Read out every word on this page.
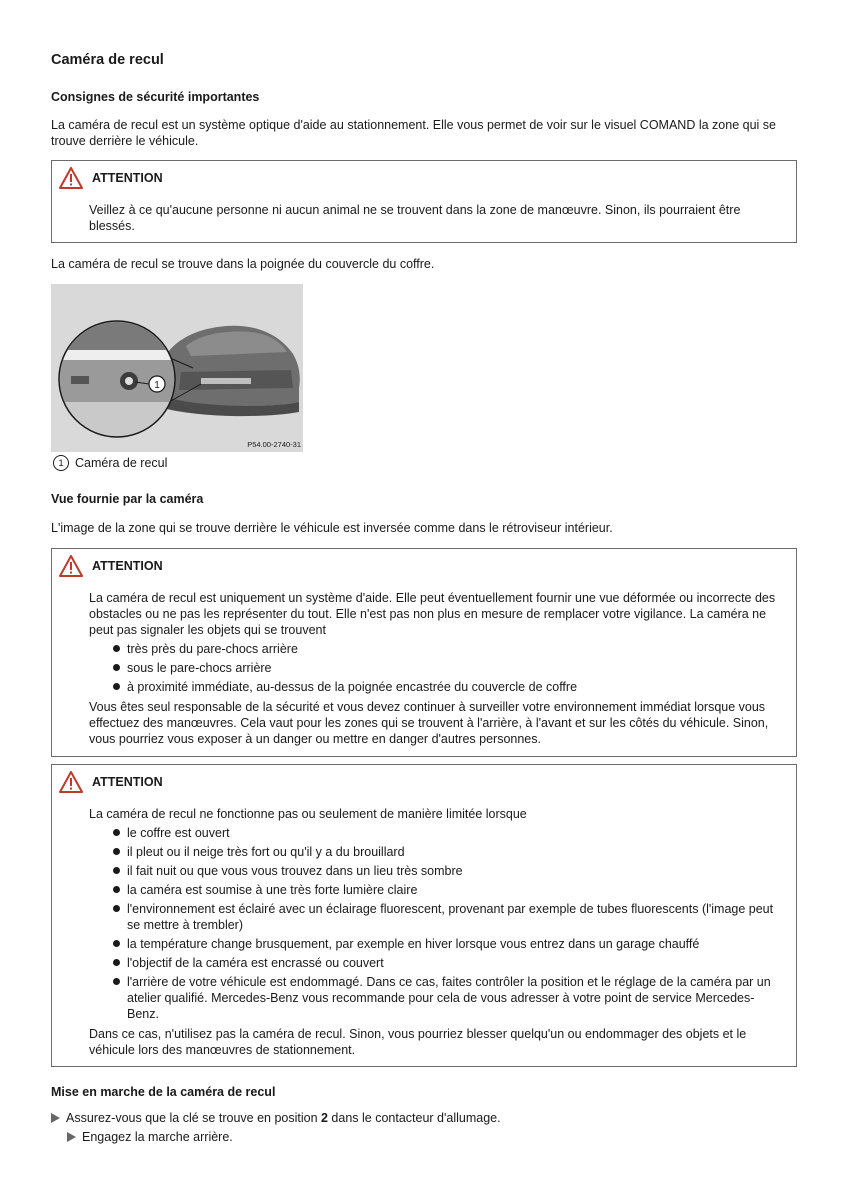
Caméra de recul
Consignes de sécurité importantes

La caméra de recul est un système optique d'aide au stationnement. Elle vous permet de voir sur le visuel COMAND la zone qui se trouve derrière le véhicule.

ATTENTION

Veillez à ce qu'aucune personne ni aucun animal ne se trouvent dans la zone de manœuvre. Sinon, ils pourraient être blessés.

La caméra de recul se trouve dans la poignée du couvercle du coffre.

1
P54.00-2740-31
1 Caméra de recul
Vue fournie par la caméra

L'image de la zone qui se trouve derrière le véhicule est inversée comme dans le rétroviseur intérieur.

ATTENTION

La caméra de recul est uniquement un système d'aide. Elle peut éventuellement fournir une vue déformée ou incorrecte des obstacles ou ne pas les représenter du tout. Elle n'est pas non plus en mesure de remplacer votre vigilance. La caméra ne peut pas signaler les objets qui se trouvent

très près du pare-chocs arrière
sous le pare-chocs arrière
à proximité immédiate, au-dessus de la poignée encastrée du couvercle de coffre

Vous êtes seul responsable de la sécurité et vous devez continuer à surveiller votre environnement immédiat lorsque vous effectuez des manœuvres. Cela vaut pour les zones qui se trouvent à l'arrière, à l'avant et sur les côtés du véhicule. Sinon, vous pourriez vous exposer à un danger ou mettre en danger d'autres personnes.

ATTENTION

La caméra de recul ne fonctionne pas ou seulement de manière limitée lorsque

le coffre est ouvert
il pleut ou il neige très fort ou qu'il y a du brouillard
il fait nuit ou que vous vous trouvez dans un lieu très sombre
la caméra est soumise à une très forte lumière claire
l'environnement est éclairé avec un éclairage fluorescent, provenant par exemple de tubes fluorescents (l'image peut se mettre à trembler)
la température change brusquement, par exemple en hiver lorsque vous entrez dans un garage chauffé
l'objectif de la caméra est encrassé ou couvert
l'arrière de votre véhicule est endommagé. Dans ce cas, faites contrôler la position et le réglage de la caméra par un atelier qualifié. Mercedes-Benz vous recommande pour cela de vous adresser à votre point de service Mercedes-Benz.

Dans ce cas, n'utilisez pas la caméra de recul. Sinon, vous pourriez blesser quelqu'un ou endommager des objets et le véhicule lors des manœuvres de stationnement.

Mise en marche de la caméra de recul
Assurez-vous que la clé se trouve en position 2 dans le contacteur d'allumage.
Engagez la marche arrière.
